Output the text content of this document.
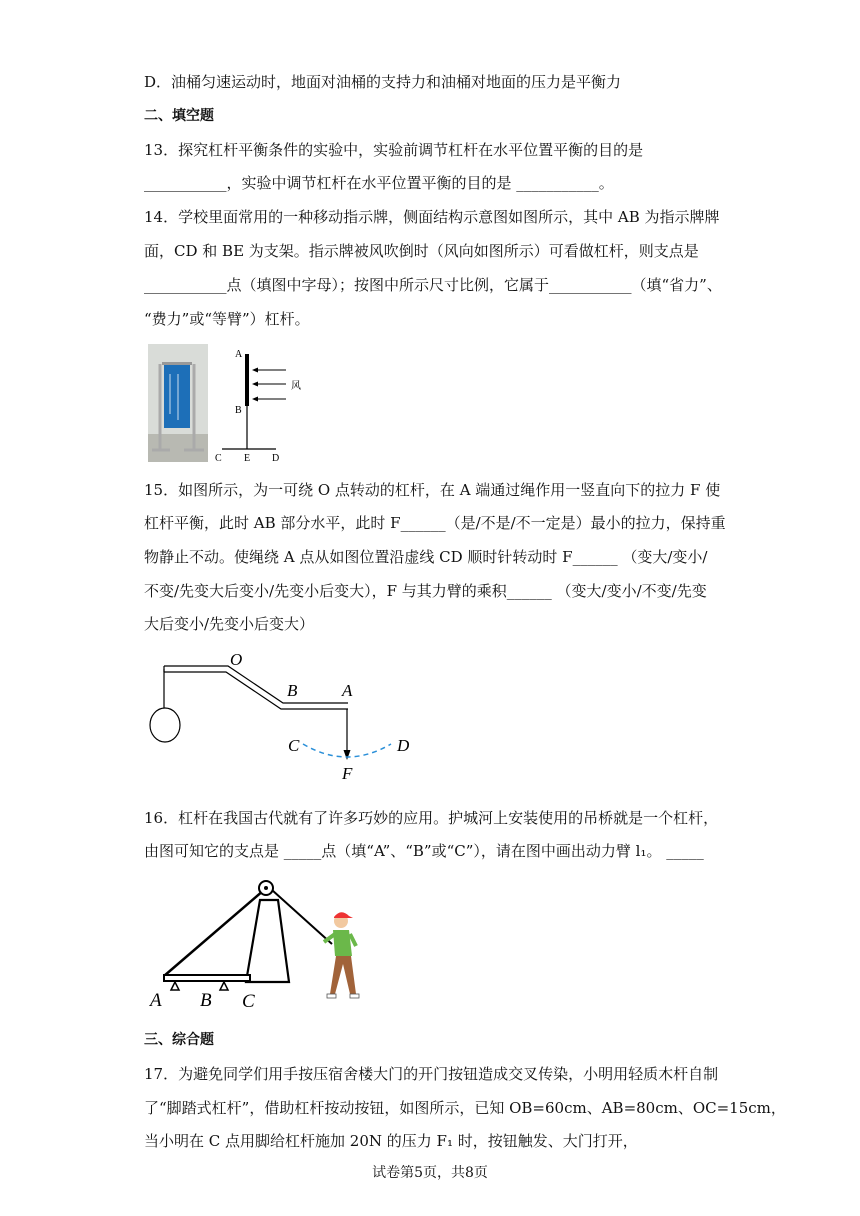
D．油桶匀速运动时，地面对油桶的支持力和油桶对地面的压力是平衡力
二、填空题
13．探究杠杆平衡条件的实验中，实验前调节杠杆在水平位置平衡的目的是
___________，实验中调节杠杆在水平位置平衡的目的是 ___________。
14．学校里面常用的一种移动指示牌，侧面结构示意图如图所示，其中 AB 为指示牌牌
面，CD 和 BE 为支架。指示牌被风吹倒时（风向如图所示）可看做杠杆，则支点是
___________点（填图中字母）；按图中所示尺寸比例，它属于___________（填“省力”、
“费力”或“等臂”）杠杆。
A
B
C E D
风
15．如图所示，为一可绕 O 点转动的杠杆，在 A 端通过绳作用一竖直向下的拉力 F 使
杠杆平衡，此时 AB 部分水平，此时 F______（是/不是/不一定是）最小的拉力，保持重
物静止不动。使绳绕 A 点从如图位置沿虚线 CD 顺时针转动时 F______ （变大/变小/
不变/先变大后变小/先变小后变大），F 与其力臂的乘积______ （变大/变小/不变/先变
大后变小/先变小后变大）
O
B	A
C	D
F
16．杠杆在我国古代就有了许多巧妙的应用。护城河上安装使用的吊桥就是一个杠杆，
由图可知它的支点是 _____点（填“A”、“B”或“C”），请在图中画出动力臂 l₁。 _____
A B C
三、综合题
17．为避免同学们用手按压宿舍楼大门的开门按钮造成交叉传染，小明用轻质木杆自制
了“脚踏式杠杆”，借助杠杆按动按钮，如图所示，已知 OB=60cm、AB=80cm、OC=15cm，
当小明在 C 点用脚给杠杆施加 20N 的压力 F₁ 时，按钮触发、大门打开，
试卷第5页，共8页
